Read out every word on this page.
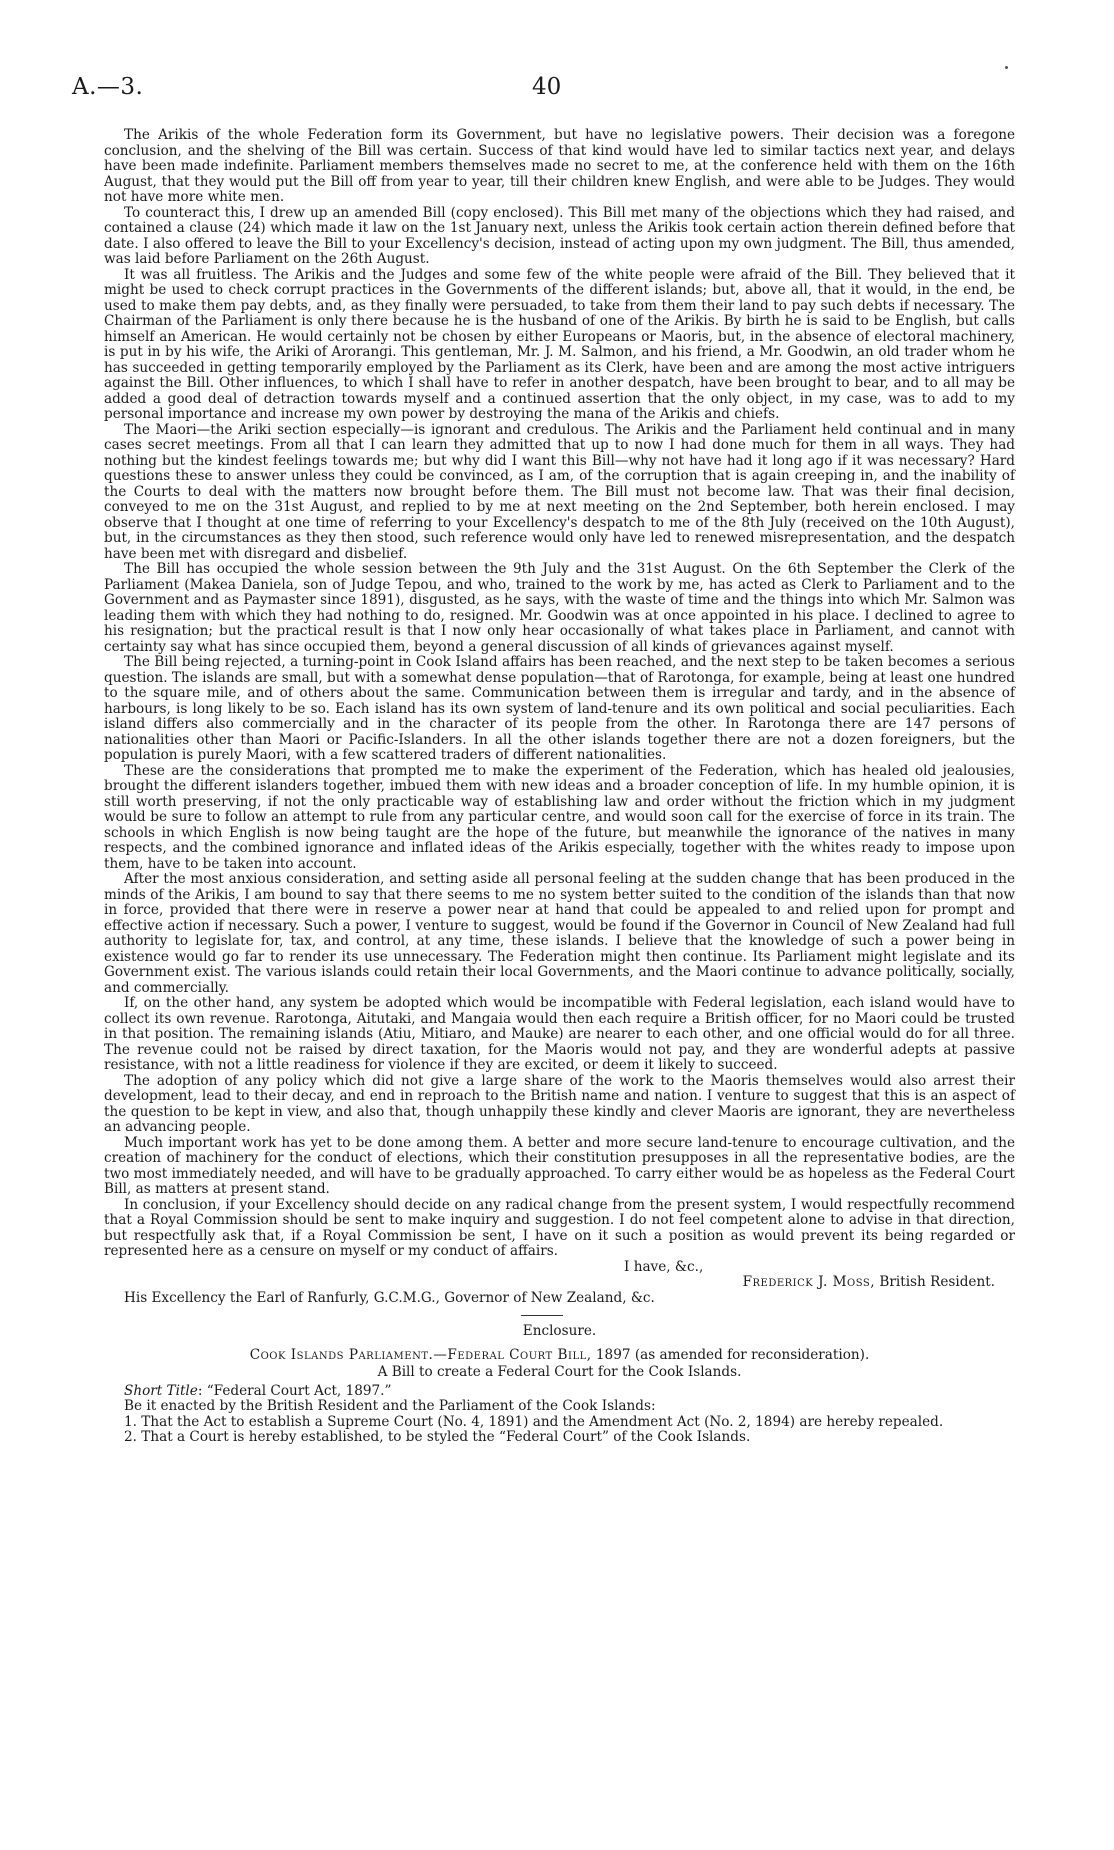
A.—3.	40

The Arikis of the whole Federation form its Government, but have no legislative powers. Their decision was a foregone conclusion, and the shelving of the Bill was certain. Success of that kind would have led to similar tactics next year, and delays have been made indefinite. Parliament members themselves made no secret to me, at the conference held with them on the 16th August, that they would put the Bill off from year to year, till their children knew English, and were able to be Judges. They would not have more white men.

To counteract this, I drew up an amended Bill (copy enclosed). This Bill met many of the objections which they had raised, and contained a clause (24) which made it law on the 1st January next, unless the Arikis took certain action therein defined before that date. I also offered to leave the Bill to your Excellency's decision, instead of acting upon my own judgment. The Bill, thus amended, was laid before Parliament on the 26th August.

It was all fruitless. The Arikis and the Judges and some few of the white people were afraid of the Bill. They believed that it might be used to check corrupt practices in the Governments of the different islands; but, above all, that it would, in the end, be used to make them pay debts, and, as they finally were persuaded, to take from them their land to pay such debts if necessary. The Chairman of the Parliament is only there because he is the husband of one of the Arikis. By birth he is said to be English, but calls himself an American. He would certainly not be chosen by either Europeans or Maoris, but, in the absence of electoral machinery, is put in by his wife, the Ariki of Arorangi. This gentleman, Mr. J. M. Salmon, and his friend, a Mr. Goodwin, an old trader whom he has succeeded in getting temporarily employed by the Parliament as its Clerk, have been and are among the most active intriguers against the Bill. Other influences, to which I shall have to refer in another despatch, have been brought to bear, and to all may be added a good deal of detraction towards myself and a continued assertion that the only object, in my case, was to add to my personal importance and increase my own power by destroying the mana of the Arikis and chiefs.

The Maori—the Ariki section especially—is ignorant and credulous. The Arikis and the Parliament held continual and in many cases secret meetings. From all that I can learn they admitted that up to now I had done much for them in all ways. They had nothing but the kindest feelings towards me; but why did I want this Bill—why not have had it long ago if it was necessary? Hard questions these to answer unless they could be convinced, as I am, of the corruption that is again creeping in, and the inability of the Courts to deal with the matters now brought before them. The Bill must not become law. That was their final decision, conveyed to me on the 31st August, and replied to by me at next meeting on the 2nd September, both herein enclosed. I may observe that I thought at one time of referring to your Excellency's despatch to me of the 8th July (received on the 10th August), but, in the circumstances as they then stood, such reference would only have led to renewed misrepresentation, and the despatch have been met with disregard and disbelief.

The Bill has occupied the whole session between the 9th July and the 31st August. On the 6th September the Clerk of the Parliament (Makea Daniela, son of Judge Tepou, and who, trained to the work by me, has acted as Clerk to Parliament and to the Government and as Paymaster since 1891), disgusted, as he says, with the waste of time and the things into which Mr. Salmon was leading them with which they had nothing to do, resigned. Mr. Goodwin was at once appointed in his place. I declined to agree to his resignation; but the practical result is that I now only hear occasionally of what takes place in Parliament, and cannot with certainty say what has since occupied them, beyond a general discussion of all kinds of grievances against myself.

The Bill being rejected, a turning-point in Cook Island affairs has been reached, and the next step to be taken becomes a serious question. The islands are small, but with a somewhat dense population—that of Rarotonga, for example, being at least one hundred to the square mile, and of others about the same. Communication between them is irregular and tardy, and in the absence of harbours, is long likely to be so. Each island has its own system of land-tenure and its own political and social peculiarities. Each island differs also commercially and in the character of its people from the other. In Rarotonga there are 147 persons of nationalities other than Maori or Pacific-Islanders. In all the other islands together there are not a dozen foreigners, but the population is purely Maori, with a few scattered traders of different nationalities.

These are the considerations that prompted me to make the experiment of the Federation, which has healed old jealousies, brought the different islanders together, imbued them with new ideas and a broader conception of life. In my humble opinion, it is still worth preserving, if not the only practicable way of establishing law and order without the friction which in my judgment would be sure to follow an attempt to rule from any particular centre, and would soon call for the exercise of force in its train. The schools in which English is now being taught are the hope of the future, but meanwhile the ignorance of the natives in many respects, and the combined ignorance and inflated ideas of the Arikis especially, together with the whites ready to impose upon them, have to be taken into account.

After the most anxious consideration, and setting aside all personal feeling at the sudden change that has been produced in the minds of the Arikis, I am bound to say that there seems to me no system better suited to the condition of the islands than that now in force, provided that there were in reserve a power near at hand that could be appealed to and relied upon for prompt and effective action if necessary. Such a power, I venture to suggest, would be found if the Governor in Council of New Zealand had full authority to legislate for, tax, and control, at any time, these islands. I believe that the knowledge of such a power being in existence would go far to render its use unnecessary. The Federation might then continue. Its Parliament might legislate and its Government exist. The various islands could retain their local Governments, and the Maori continue to advance politically, socially, and commercially.

If, on the other hand, any system be adopted which would be incompatible with Federal legislation, each island would have to collect its own revenue. Rarotonga, Aitutaki, and Mangaia would then each require a British officer, for no Maori could be trusted in that position. The remaining islands (Atiu, Mitiaro, and Mauke) are nearer to each other, and one official would do for all three. The revenue could not be raised by direct taxation, for the Maoris would not pay, and they are wonderful adepts at passive resistance, with not a little readiness for violence if they are excited, or deem it likely to succeed.

The adoption of any policy which did not give a large share of the work to the Maoris themselves would also arrest their development, lead to their decay, and end in reproach to the British name and nation. I venture to suggest that this is an aspect of the question to be kept in view, and also that, though unhappily these kindly and clever Maoris are ignorant, they are nevertheless an advancing people.

Much important work has yet to be done among them. A better and more secure land-tenure to encourage cultivation, and the creation of machinery for the conduct of elections, which their constitution presupposes in all the representative bodies, are the two most immediately needed, and will have to be gradually approached. To carry either would be as hopeless as the Federal Court Bill, as matters at present stand.

In conclusion, if your Excellency should decide on any radical change from the present system, I would respectfully recommend that a Royal Commission should be sent to make inquiry and suggestion. I do not feel competent alone to advise in that direction, but respectfully ask that, if a Royal Commission be sent, I have on it such a position as would prevent its being regarded or represented here as a censure on myself or my conduct of affairs.

I have, &c.,

Frederick J. Moss, British Resident.

His Excellency the Earl of Ranfurly, G.C.M.G., Governor of New Zealand, &c.

Enclosure.

Cook Islands Parliament.—Federal Court Bill, 1897 (as amended for reconsideration).

A Bill to create a Federal Court for the Cook Islands.

Short Title: “Federal Court Act, 1897.”

Be it enacted by the British Resident and the Parliament of the Cook Islands:

1. That the Act to establish a Supreme Court (No. 4, 1891) and the Amendment Act (No. 2, 1894) are hereby repealed.

2. That a Court is hereby established, to be styled the “Federal Court” of the Cook Islands.
